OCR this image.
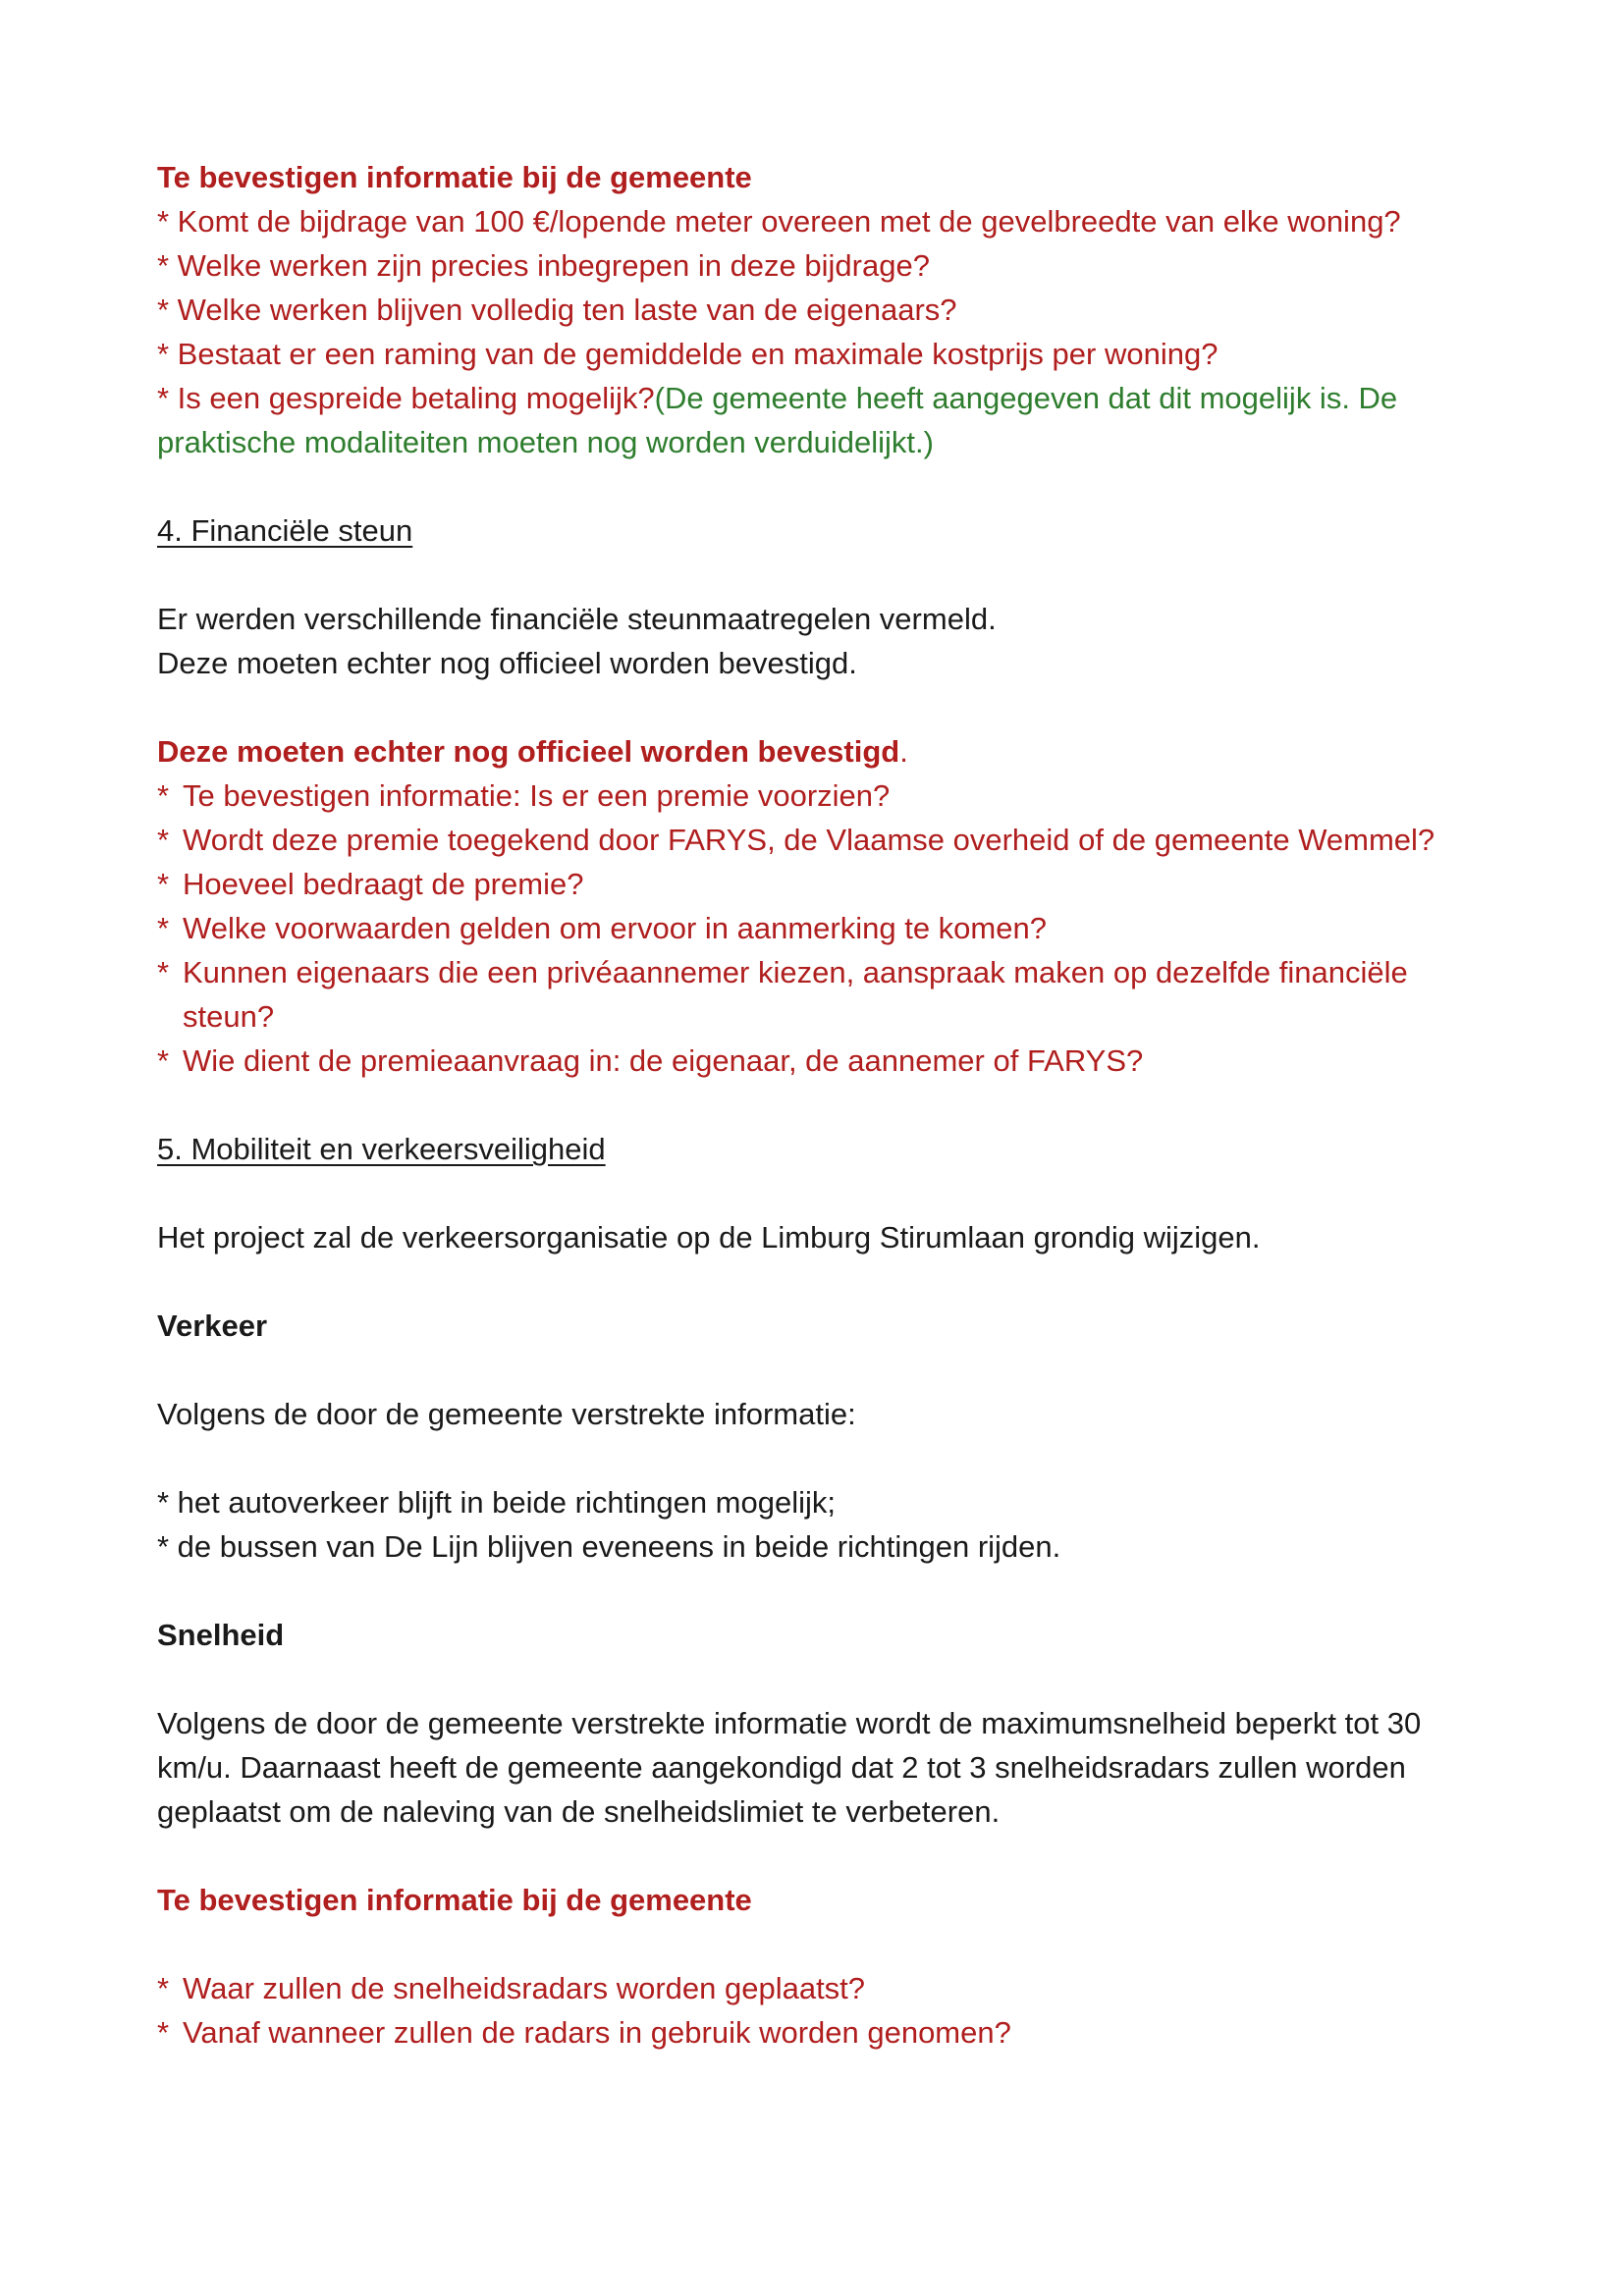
Te bevestigen informatie bij de gemeente
* Komt de bijdrage van 100 €/lopende meter overeen met de gevelbreedte van elke woning?
* Welke werken zijn precies inbegrepen in deze bijdrage?
* Welke werken blijven volledig ten laste van de eigenaars?
* Bestaat er een raming van de gemiddelde en maximale kostprijs per woning?
* Is een gespreide betaling mogelijk?(De gemeente heeft aangegeven dat dit mogelijk is. De praktische modaliteiten moeten nog worden verduidelijkt.)
4. Financiële steun
Er werden verschillende financiële steunmaatregelen vermeld.
Deze moeten echter nog officieel worden bevestigd.
Deze moeten echter nog officieel worden bevestigd.
* Te bevestigen informatie: Is er een premie voorzien?
* Wordt deze premie toegekend door FARYS, de Vlaamse overheid of de gemeente Wemmel?
* Hoeveel bedraagt de premie?
* Welke voorwaarden gelden om ervoor in aanmerking te komen?
* Kunnen eigenaars die een privéaannemer kiezen, aanspraak maken op dezelfde financiële steun?
* Wie dient de premieaanvraag in: de eigenaar, de aannemer of FARYS?
5. Mobiliteit en verkeersveiligheid
Het project zal de verkeersorganisatie op de Limburg Stirumlaan grondig wijzigen.
Verkeer
Volgens de door de gemeente verstrekte informatie:
* het autoverkeer blijft in beide richtingen mogelijk;
* de bussen van De Lijn blijven eveneens in beide richtingen rijden.
Snelheid
Volgens de door de gemeente verstrekte informatie wordt de maximumsnelheid beperkt tot 30 km/u. Daarnaast heeft de gemeente aangekondigd dat 2 tot 3 snelheidsradars zullen worden geplaatst om de naleving van de snelheidslimiet te verbeteren.
Te bevestigen informatie bij de gemeente
* Waar zullen de snelheidsradars worden geplaatst?
* Vanaf wanneer zullen de radars in gebruik worden genomen?
